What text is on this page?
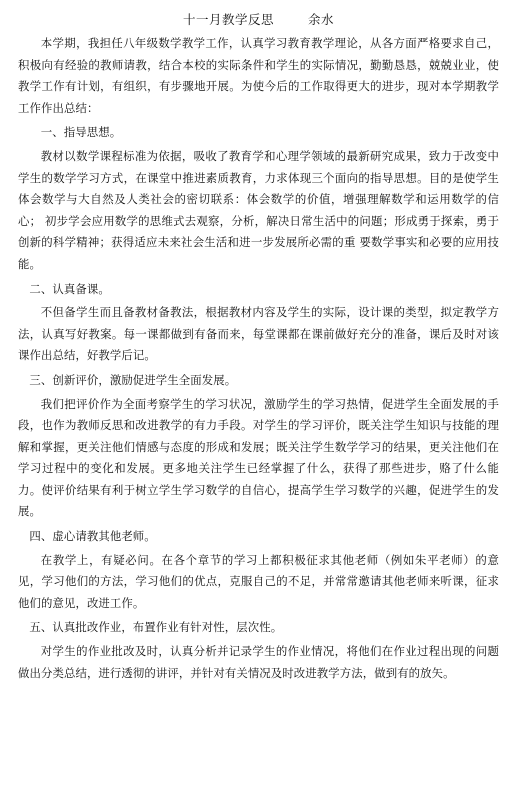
十一月教学反思	余水

本学期，我担任八年级数学教学工作，认真学习教育教学理论，从各方面严格要求自己，积极向有经验的教师请教，结合本校的实际条件和学生的实际情况，勤勤恳恳，兢兢业业，使教学工作有计划，有组织，有步骤地开展。为使今后的工作取得更大的进步，现对本学期教学工作作出总结：

一、指导思想。

教材以数学课程标准为依据，吸收了教育学和心理学领域的最新研究成果，致力于改变中学生的数学学习方式，在课堂中推进素质教育，力求体现三个面向的指导思想。目的是使学生体会数学与大自然及人类社会的密切联系：体会数学的价值，增强理解数学和运用数学的信心； 初步学会应用数学的思维式去观察，分析，解决日常生活中的问题；形成勇于探索，勇于创新的科学精神；获得适应未来社会生活和进一步发展所必需的重 要数学事实和必要的应用技能。

二、认真备课。

不但备学生而且备教材备教法，根据教材内容及学生的实际，设计课的类型，拟定教学方法，认真写好教案。每一课都做到有备而来，每堂课都在课前做好充分的准备，课后及时对该课作出总结，好教学后记。

三、创新评价，激励促进学生全面发展。

我们把评价作为全面考察学生的学习状况，激励学生的学习热情，促进学生全面发展的手段，也作为教师反思和改进教学的有力手段。对学生的学习评价，既关注学生知识与技能的理解和掌握，更关注他们情感与态度的形成和发展；既关注学生数学学习的结果，更关注他们在学习过程中的变化和发展。更多地关注学生已经掌握了什么，获得了那些进步，赂了什么能力。使评价结果有利于树立学生学习数学的自信心，提高学生学习数学的兴趣，促进学生的发展。

四、虚心请教其他老师。

在教学上，有疑必问。在各个章节的学习上都积极征求其他老师（例如朱平老师）的意见，学习他们的方法，学习他们的优点，克服自己的不足，并常常邀请其他老师来听课，征求他们的意见，改进工作。

五、认真批改作业，布置作业有针对性，层次性。

对学生的作业批改及时，认真分析并记录学生的作业情况，将他们在作业过程出现的问题做出分类总结，进行透彻的讲评，并针对有关情况及时改进教学方法，做到有的放矢。
